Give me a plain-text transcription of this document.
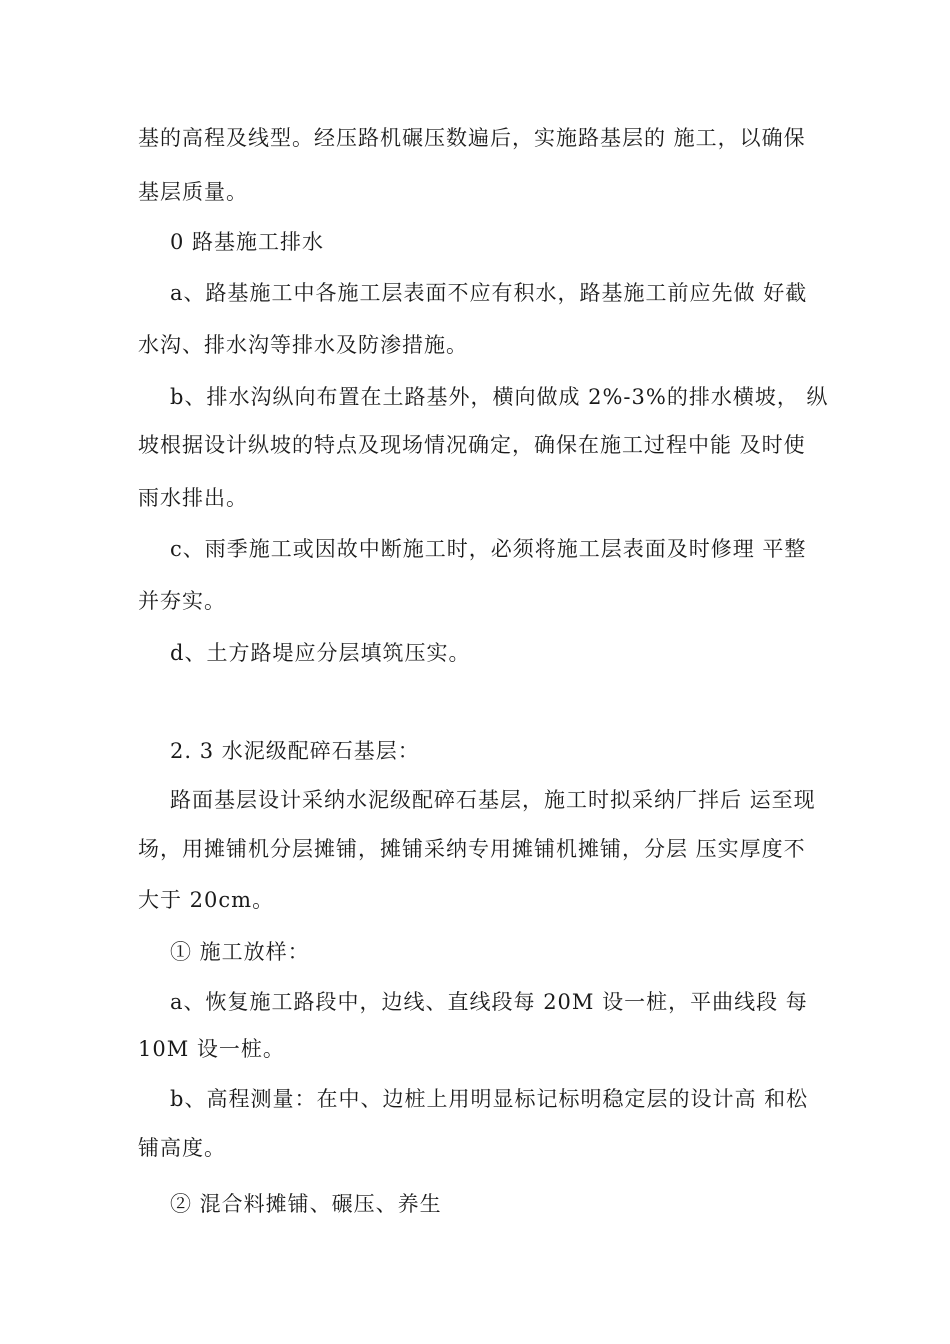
基的高程及线型。经压路机碾压数遍后，实施路基层的 施工，以确保
基层质量。
0 路基施工排水
a、路基施工中各施工层表面不应有积水，路基施工前应先做 好截
水沟、排水沟等排水及防渗措施。
b、排水沟纵向布置在土路基外，横向做成 2%-3%的排水横坡， 纵
坡根据设计纵坡的特点及现场情况确定，确保在施工过程中能 及时使
雨水排出。
c、雨季施工或因故中断施工时，必须将施工层表面及时修理 平整
并夯实。
d、土方路堤应分层填筑压实。
2. 3 水泥级配碎石基层：
路面基层设计采纳水泥级配碎石基层，施工时拟采纳厂拌后 运至现
场，用摊铺机分层摊铺，摊铺采纳专用摊铺机摊铺，分层 压实厚度不
大于 20cm。
① 施工放样：
a、恢复施工路段中，边线、直线段每 20M 设一桩，平曲线段 每
10M 设一桩。
b、高程测量：在中、边桩上用明显标记标明稳定层的设计高 和松
铺高度。
② 混合料摊铺、碾压、养生
